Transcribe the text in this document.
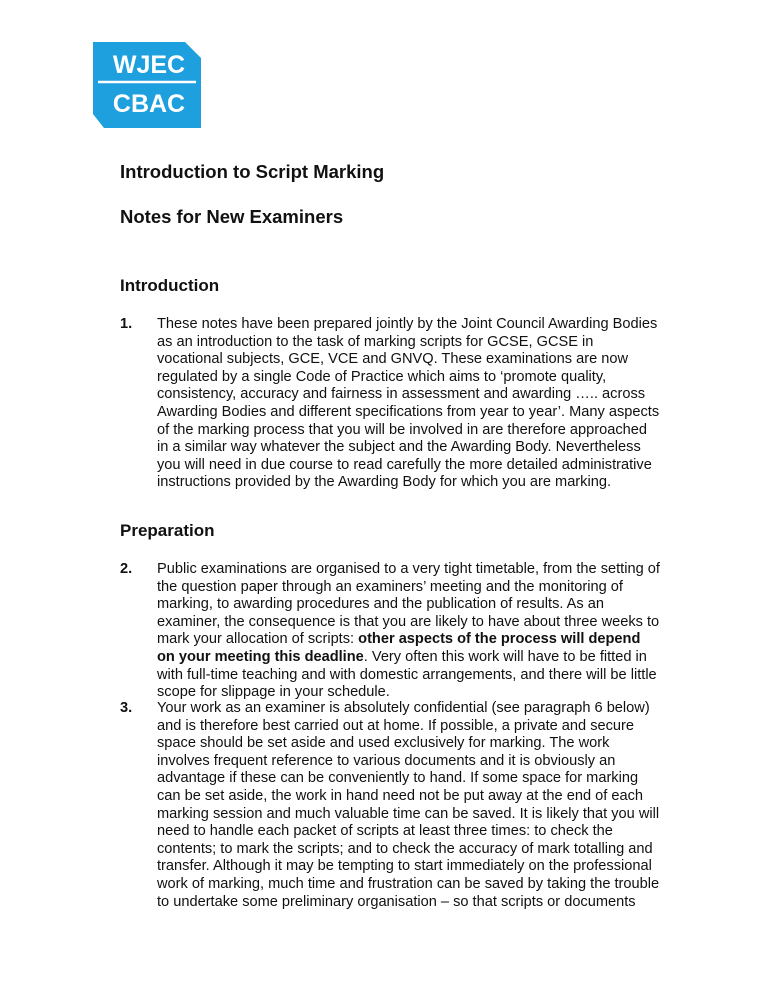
WJEC
CBAC
Introduction to Script Marking
Notes for New Examiners
Introduction
1.	These notes have been prepared jointly by the Joint Council Awarding Bodies as an introduction to the task of marking scripts for GCSE, GCSE in vocational subjects, GCE, VCE and GNVQ. These examinations are now regulated by a single Code of Practice which aims to ‘promote quality, consistency, accuracy and fairness in assessment and awarding ….. across Awarding Bodies and different specifications from year to year’. Many aspects of the marking process that you will be involved in are therefore approached in a similar way whatever the subject and the Awarding Body. Nevertheless you will need in due course to read carefully the more detailed administrative instructions provided by the Awarding Body for which you are marking.
Preparation
2.	Public examinations are organised to a very tight timetable, from the setting of the question paper through an examiners’ meeting and the monitoring of marking, to awarding procedures and the publication of results. As an examiner, the consequence is that you are likely to have about three weeks to mark your allocation of scripts: other aspects of the process will depend on your meeting this deadline. Very often this work will have to be fitted in with full-time teaching and with domestic arrangements, and there will be little scope for slippage in your schedule.
3.	Your work as an examiner is absolutely confidential (see paragraph 6 below) and is therefore best carried out at home. If possible, a private and secure space should be set aside and used exclusively for marking. The work involves frequent reference to various documents and it is obviously an advantage if these can be conveniently to hand. If some space for marking can be set aside, the work in hand need not be put away at the end of each marking session and much valuable time can be saved. It is likely that you will need to handle each packet of scripts at least three times: to check the contents; to mark the scripts; and to check the accuracy of mark totalling and transfer. Although it may be tempting to start immediately on the professional work of marking, much time and frustration can be saved by taking the trouble to undertake some preliminary organisation – so that scripts or documents
